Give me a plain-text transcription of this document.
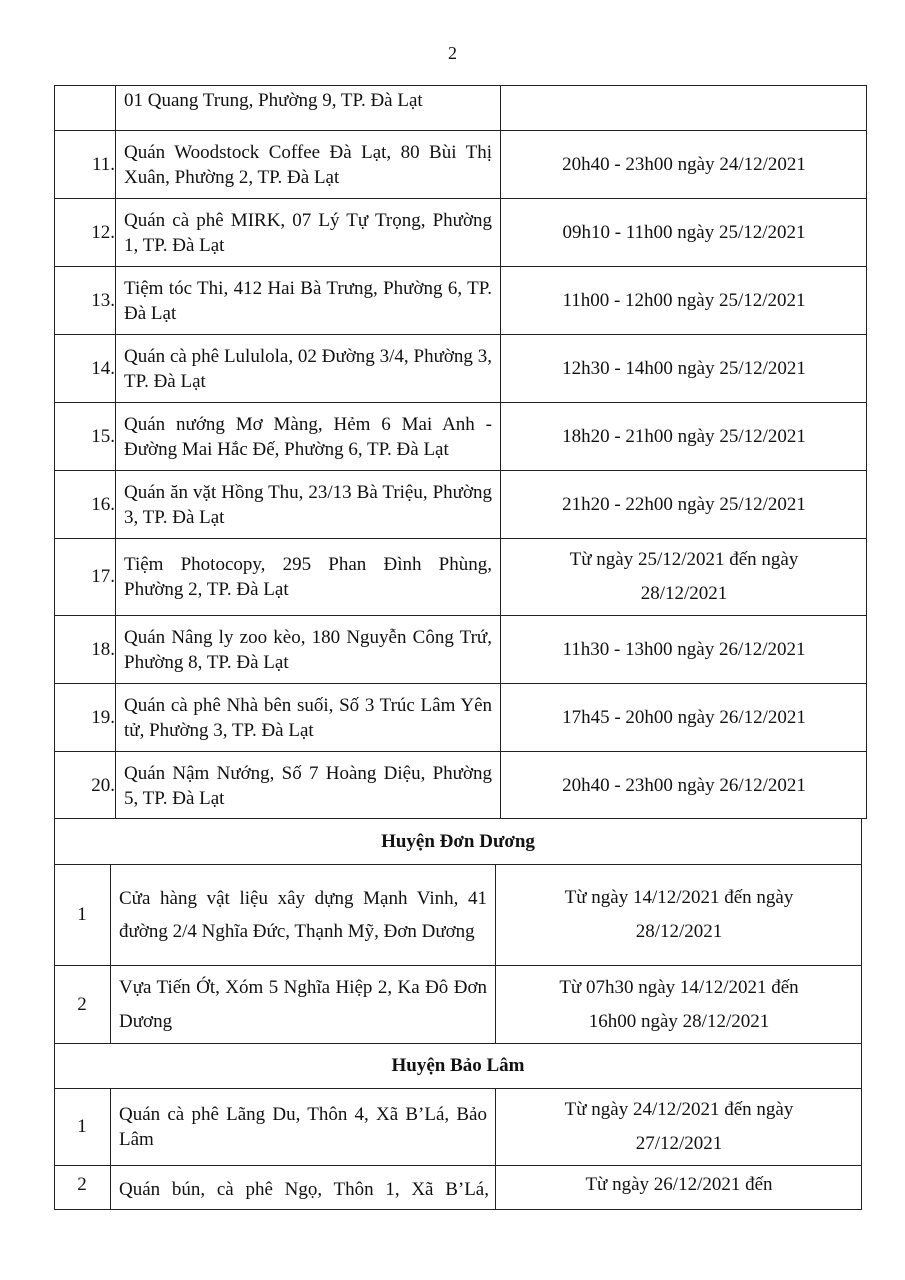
2
01 Quang Trung, Phường 9, TP. Đà Lạt
11.
Quán Woodstock Coffee Đà Lạt, 80 Bùi Thị Xuân, Phường 2, TP. Đà Lạt
20h40 - 23h00 ngày 24/12/2021
12.
Quán cà phê MIRK, 07 Lý Tự Trọng, Phường 1, TP. Đà Lạt
09h10 - 11h00 ngày 25/12/2021
13.
Tiệm tóc Thi, 412 Hai Bà Trưng, Phường 6, TP. Đà Lạt
11h00 - 12h00 ngày 25/12/2021
14.
Quán cà phê Lululola, 02 Đường 3/4, Phường 3, TP. Đà Lạt
12h30 - 14h00 ngày 25/12/2021
15.
Quán nướng Mơ Màng, Hẻm 6 Mai Anh - Đường Mai Hắc Đế, Phường 6, TP. Đà Lạt
18h20 - 21h00 ngày 25/12/2021
16.
Quán ăn vặt Hồng Thu, 23/13 Bà Triệu, Phường 3, TP. Đà Lạt
21h20 - 22h00 ngày 25/12/2021
17.
Tiệm Photocopy, 295 Phan Đình Phùng, Phường 2, TP. Đà Lạt
Từ ngày 25/12/2021 đến ngày 28/12/2021
18.
Quán Nâng ly zoo kèo, 180 Nguyễn Công Trứ, Phường 8, TP. Đà Lạt
11h30 - 13h00 ngày 26/12/2021
19.
Quán cà phê Nhà bên suối, Số 3 Trúc Lâm Yên tử, Phường 3, TP. Đà Lạt
17h45 - 20h00 ngày 26/12/2021
20.
Quán Nậm Nướng, Số 7 Hoàng Diệu, Phường 5, TP. Đà Lạt
20h40 - 23h00 ngày 26/12/2021
Huyện Đơn Dương
1
Cửa hàng vật liệu xây dựng Mạnh Vinh, 41 đường 2/4 Nghĩa Đức, Thạnh Mỹ, Đơn Dương
Từ ngày 14/12/2021 đến ngày 28/12/2021
2
Vựa Tiến Ớt, Xóm 5 Nghĩa Hiệp 2, Ka Đô Đơn Dương
Từ 07h30 ngày 14/12/2021 đến 16h00 ngày 28/12/2021
Huyện Bảo Lâm
1
Quán cà phê Lãng Du, Thôn 4, Xã B’Lá, Bảo Lâm
Từ ngày 24/12/2021 đến ngày 27/12/2021
2	Quán bún, cà phê Ngọ, Thôn 1, Xã B’Lá,	Từ ngày 26/12/2021 đến
